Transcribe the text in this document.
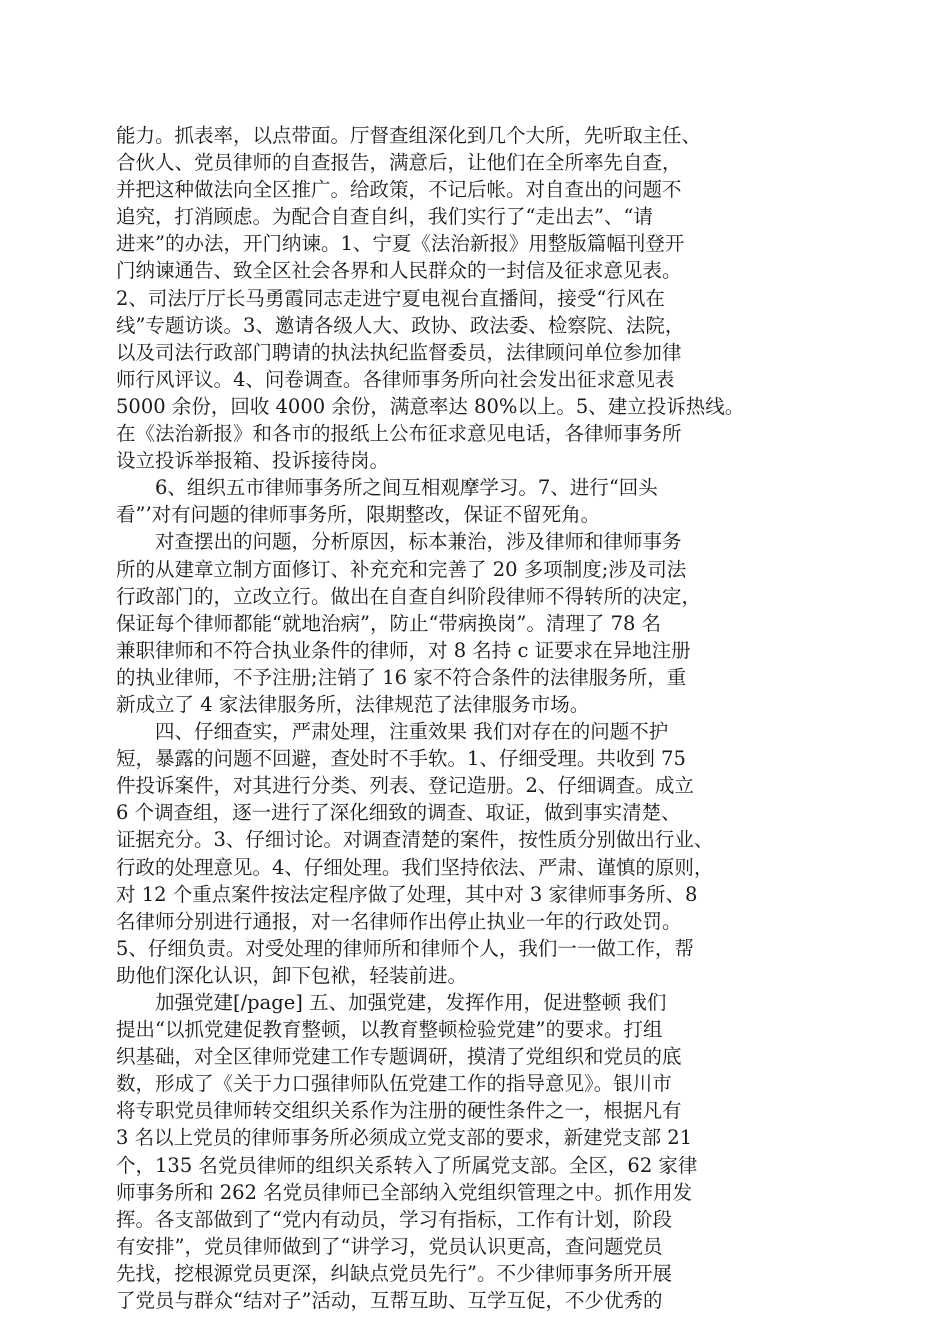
能力。抓表率，以点带面。厅督查组深化到几个大所，先听取主任、
合伙人、党员律师的自查报告，满意后，让他们在全所率先自查，
并把这种做法向全区推广。给政策，不记后帐。对自查出的问题不
追究，打消顾虑。为配合自查自纠，我们实行了“走出去”、“请
进来”的办法，开门纳谏。1、宁夏《法治新报》用整版篇幅刊登开
门纳谏通告、致全区社会各界和人民群众的一封信及征求意见表。
2、司法厅厅长马勇霞同志走进宁夏电视台直播间，接受“行风在
线”专题访谈。3、邀请各级人大、政协、政法委、检察院、法院，
以及司法行政部门聘请的执法执纪监督委员，法律顾问单位参加律
师行风评议。4、问卷调查。各律师事务所向社会发出征求意见表
5000 余份，回收 4000 余份，满意率达 80%以上。5、建立投诉热线。
在《法治新报》和各市的报纸上公布征求意见电话，各律师事务所
设立投诉举报箱、投诉接待岗。
　　6、组织五市律师事务所之间互相观摩学习。7、进行“回头
看”’对有问题的律师事务所，限期整改，保证不留死角。
　　对查摆出的问题，分析原因，标本兼治，涉及律师和律师事务
所的从建章立制方面修订、补充充和完善了 20 多项制度;涉及司法
行政部门的，立改立行。做出在自查自纠阶段律师不得转所的决定，
保证每个律师都能“就地治病”，防止“带病换岗”。清理了 78 名
兼职律师和不符合执业条件的律师，对 8 名持 c 证要求在异地注册
的执业律师，不予注册;注销了 16 家不符合条件的法律服务所，重
新成立了 4 家法律服务所，法律规范了法律服务市场。
　　四、仔细查实，严肃处理，注重效果 我们对存在的问题不护
短，暴露的问题不回避，查处时不手软。1、仔细受理。共收到 75
件投诉案件，对其进行分类、列表、登记造册。2、仔细调查。成立
6 个调查组，逐一进行了深化细致的调查、取证，做到事实清楚、
证据充分。3、仔细讨论。对调查清楚的案件，按性质分别做出行业、
行政的处理意见。4、仔细处理。我们坚持依法、严肃、谨慎的原则，
对 12 个重点案件按法定程序做了处理，其中对 3 家律师事务所、8
名律师分别进行通报，对一名律师作出停止执业一年的行政处罚。
5、仔细负责。对受处理的律师所和律师个人，我们一一做工作，帮
助他们深化认识，卸下包袱，轻装前进。
　　加强党建[/page] 五、加强党建，发挥作用，促进整顿 我们
提出“以抓党建促教育整顿，以教育整顿检验党建”的要求。打组
织基础，对全区律师党建工作专题调研，摸清了党组织和党员的底
数，形成了《关于力口强律师队伍党建工作的指导意见》。银川市
将专职党员律师转交组织关系作为注册的硬性条件之一，根据凡有
3 名以上党员的律师事务所必须成立党支部的要求，新建党支部 21
个，135 名党员律师的组织关系转入了所属党支部。全区，62 家律
师事务所和 262 名党员律师已全部纳入党组织管理之中。抓作用发
挥。各支部做到了“党内有动员，学习有指标，工作有计划，阶段
有安排”，党员律师做到了“讲学习，党员认识更高，查问题党员
先找，挖根源党员更深，纠缺点党员先行”。不少律师事务所开展
了党员与群众“结对子”活动，互帮互助、互学互促，不少优秀的
